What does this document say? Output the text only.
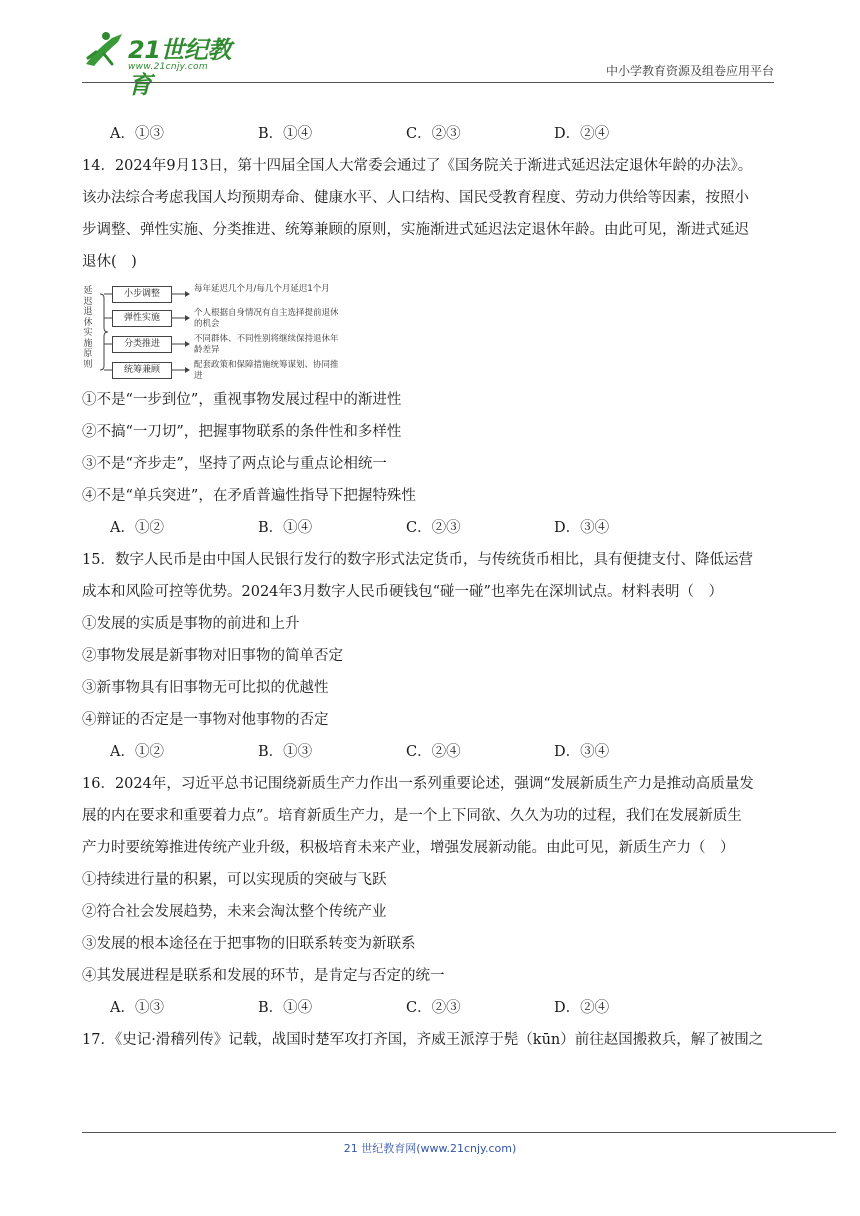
21世纪教育
www.21cnjy.com	中小学教育资源及组卷应用平台
A．①③	B．①④	C．②③	D．②④
14．2024年9月13日，第十四届全国人大常委会通过了《国务院关于渐进式延迟法定退休年龄的办法》。
该办法综合考虑我国人均预期寿命、健康水平、人口结构、国民受教育程度、劳动力供给等因素，按照小
步调整、弹性实施、分类推进、统筹兼顾的原则，实施渐进式延迟法定退休年龄。由此可见，渐进式延迟
退休(　)
延迟退休实施原则
小步调整	每年延迟几个月/每几个月延迟1个月
弹性实施	个人根据自身情况有自主选择提前退休的机会
分类推进	不同群体、不同性别将继续保持退休年龄差异
统筹兼顾	配套政策和保障措施统筹谋划、协同推进
①不是“一步到位”，重视事物发展过程中的渐进性
②不搞“一刀切”，把握事物联系的条件性和多样性
③不是“齐步走”，坚持了两点论与重点论相统一
④不是“单兵突进”，在矛盾普遍性指导下把握特殊性
A．①②	B．①④	C．②③	D．③④
15．数字人民币是由中国人民银行发行的数字形式法定货币，与传统货币相比，具有便捷支付、降低运营
成本和风险可控等优势。2024年3月数字人民币硬钱包“碰一碰”也率先在深圳试点。材料表明（　）
①发展的实质是事物的前进和上升
②事物发展是新事物对旧事物的简单否定
③新事物具有旧事物无可比拟的优越性
④辩证的否定是一事物对他事物的否定
A．①②	B．①③	C．②④	D．③④
16．2024年，习近平总书记围绕新质生产力作出一系列重要论述，强调“发展新质生产力是推动高质量发
展的内在要求和重要着力点”。培育新质生产力，是一个上下同欲、久久为功的过程，我们在发展新质生
产力时要统筹推进传统产业升级，积极培育未来产业，增强发展新动能。由此可见，新质生产力（　）
①持续进行量的积累，可以实现质的突破与飞跃
②符合社会发展趋势，未来会淘汰整个传统产业
③发展的根本途径在于把事物的旧联系转变为新联系
④其发展进程是联系和发展的环节，是肯定与否定的统一
A．①③	B．①④	C．②③	D．②④
17．《史记·滑稽列传》记载，战国时楚军攻打齐国，齐威王派淳于髡（kūn）前往赵国搬救兵，解了被围之
21 世纪教育网(www.21cnjy.com)
